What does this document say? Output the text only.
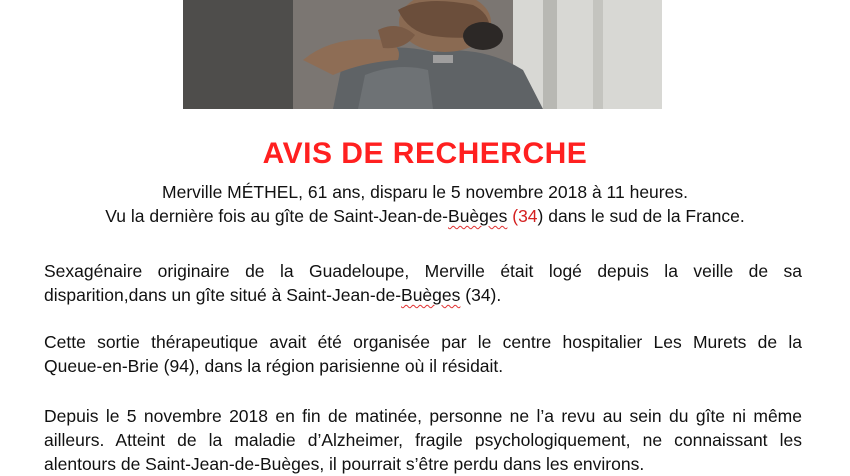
AVIS DE RECHERCHE
Merville MÉTHEL, 61 ans, disparu le 5 novembre 2018 à 11 heures.
Vu la dernière fois au gîte de Saint-Jean-de-Buèges (34) dans le sud de la France.
Sexagénaire originaire de la Guadeloupe, Merville était logé depuis la veille de sa
disparition,dans un gîte situé à Saint-Jean-de-Buèges (34).
Cette sortie thérapeutique avait été organisée par le centre hospitalier Les Murets de la
Queue-en-Brie (94), dans la région parisienne où il résidait.
Depuis le 5 novembre 2018 en fin de matinée, personne ne l’a revu au sein du gîte ni même
ailleurs. Atteint de la maladie d’Alzheimer, fragile psychologiquement, ne connaissant les
alentours de Saint-Jean-de-Buèges, il pourrait s’être perdu dans les environs.
